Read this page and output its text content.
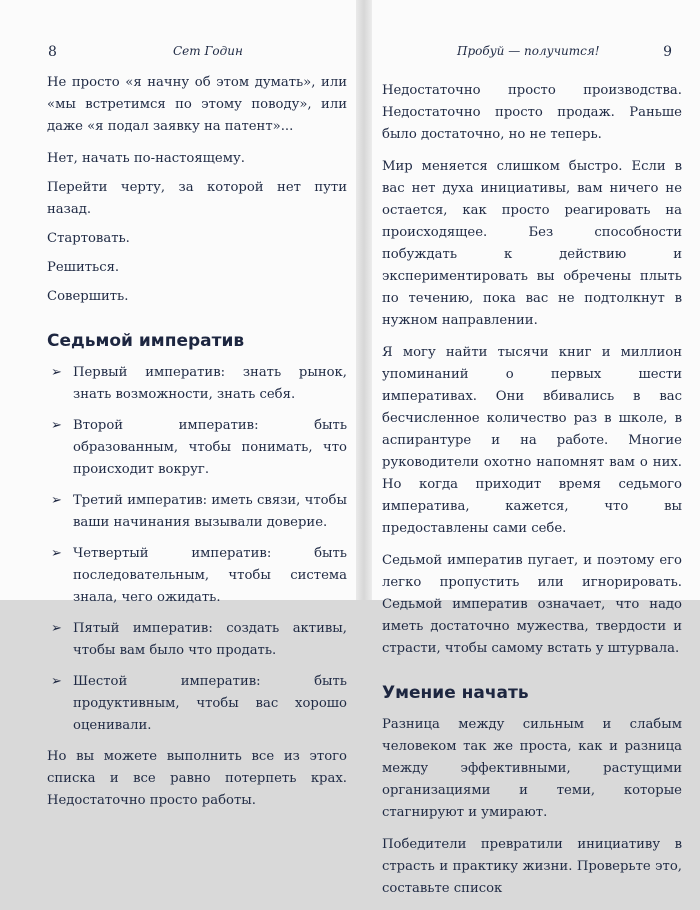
8	Сет Годин

Не просто «я начну об этом думать», или «мы встретимся по этому поводу», или даже «я подал заявку на патент»...

Нет, начать по-настоящему.

Перейти черту, за которой нет пути назад.

Стартовать.

Решиться.

Совершить.

Седьмой императив
➢ Первый императив: знать рынок, знать возможности, знать себя.
➢ Второй императив: быть образованным, чтобы понимать, что происходит вокруг.
➢ Третий императив: иметь связи, чтобы ваши начинания вызывали доверие.
➢ Четвертый императив: быть последовательным, чтобы система знала, чего ожидать.
➢ Пятый императив: создать активы, чтобы вам было что продать.
➢ Шестой императив: быть продуктивным, чтобы вас хорошо оценивали.

Но вы можете выполнить все из этого списка и все равно потерпеть крах. Недостаточно просто работы.

Пробуй — получится!	9

Недостаточно просто производства. Недостаточно просто продаж. Раньше было достаточно, но не теперь.

Мир меняется слишком быстро. Если в вас нет духа инициативы, вам ничего не остается, как просто реагировать на происходящее. Без способности побуждать к действию и экспериментировать вы обречены плыть по течению, пока вас не подтолкнут в нужном направлении.

Я могу найти тысячи книг и миллион упоминаний о первых шести императивах. Они вбивались в вас бесчисленное количество раз в школе, в аспирантуре и на работе. Многие руководители охотно напомнят вам о них. Но когда приходит время седьмого императива, кажется, что вы предоставлены сами себе.

Седьмой императив пугает, и поэтому его легко пропустить или игнорировать. Седьмой императив означает, что надо иметь достаточно мужества, твердости и страсти, чтобы самому встать у штурвала.

Умение начать

Разница между сильным и слабым человеком так же проста, как и разница между эффективными, растущими организациями и теми, которые стагнируют и умирают.

Победители превратили инициативу в страсть и практику жизни. Проверьте это, составьте список
